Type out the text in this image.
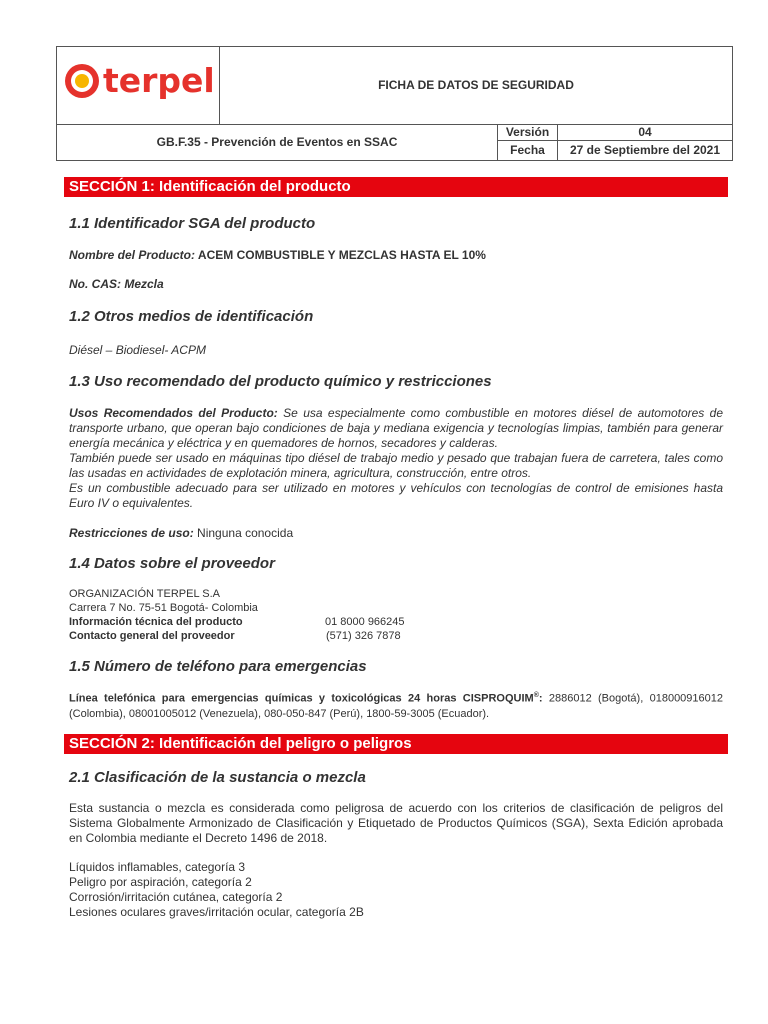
terpel	FICHA DE DATOS DE SEGURIDAD
GB.F.35 - Prevención de Eventos en SSAC
Versión	04
Fecha	27 de Septiembre del 2021
SECCIÓN 1: Identificación del producto
1.1 Identificador SGA del producto
Nombre del Producto: ACEM COMBUSTIBLE Y MEZCLAS HASTA EL 10%
No. CAS: Mezcla
1.2 Otros medios de identificación
Diésel – Biodiesel- ACPM
1.3 Uso recomendado del producto químico y restricciones
Usos Recomendados del Producto: Se usa especialmente como combustible en motores diésel de automotores de transporte urbano, que operan bajo condiciones de baja y mediana exigencia y tecnologías limpias, también para generar energía mecánica y eléctrica y en quemadores de hornos, secadores y calderas.
También puede ser usado en máquinas tipo diésel de trabajo medio y pesado que trabajan fuera de carretera, tales como las usadas en actividades de explotación minera, agricultura, construcción, entre otros.
Es un combustible adecuado para ser utilizado en motores y vehículos con tecnologías de control de emisiones hasta Euro IV o equivalentes.
Restricciones de uso: Ninguna conocida
1.4 Datos sobre el proveedor
ORGANIZACIÓN TERPEL S.A
Carrera 7 No. 75-51 Bogotá- Colombia
Información técnica del producto	01 8000 966245
Contacto general del proveedor	(571) 326 7878
1.5 Número de teléfono para emergencias
Línea telefónica para emergencias químicas y toxicológicas 24 horas CISPROQUIM®: 2886012 (Bogotá), 018000916012 (Colombia), 08001005012 (Venezuela), 080-050-847 (Perú), 1800-59-3005 (Ecuador).
SECCIÓN 2: Identificación del peligro o peligros
2.1 Clasificación de la sustancia o mezcla
Esta sustancia o mezcla es considerada como peligrosa de acuerdo con los criterios de clasificación de peligros del Sistema Globalmente Armonizado de Clasificación y Etiquetado de Productos Químicos (SGA), Sexta Edición aprobada en Colombia mediante el Decreto 1496 de 2018.
Líquidos inflamables, categoría 3
Peligro por aspiración, categoría 2
Corrosión/irritación cutánea, categoría 2
Lesiones oculares graves/irritación ocular, categoría 2B
